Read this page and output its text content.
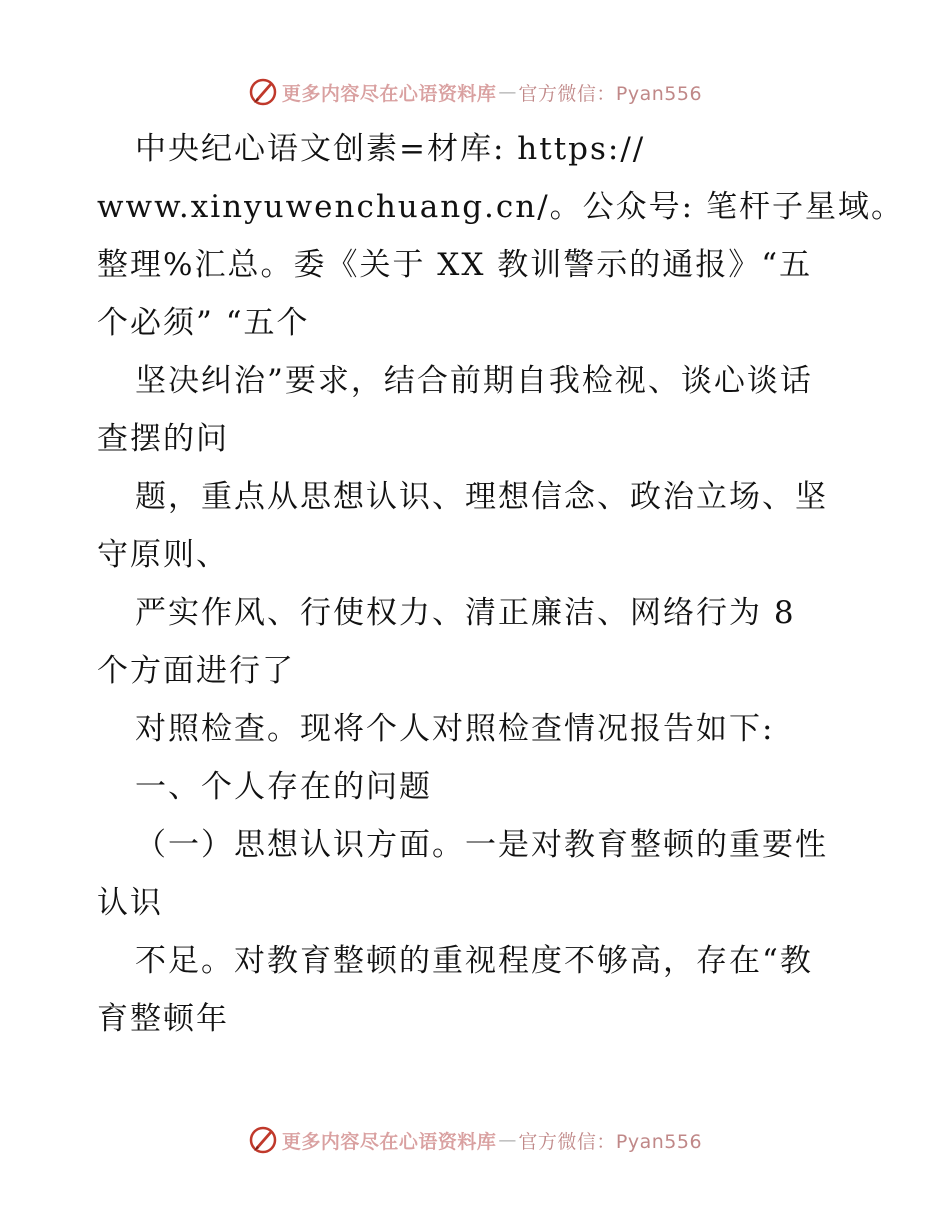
更多内容尽在心语资料库 — 官方微信：Pyan556
中央纪心语文创素=材库: https://
www.xinyuwenchuang.cn/。公众号: 笔杆子星域。
整理%汇总。委《关于 XX 教训警示的通报》“五
个必须” “五个
坚决纠治”要求，结合前期自我检视、谈心谈话
查摆的问
题，重点从思想认识、理想信念、政治立场、坚
守原则、
严实作风、行使权力、清正廉洁、网络行为 8
个方面进行了
对照检查。现将个人对照检查情况报告如下:
一、个人存在的问题
（一）思想认识方面。一是对教育整顿的重要性
认识
不足。对教育整顿的重视程度不够高，存在“教
育整顿年
更多内容尽在心语资料库 — 官方微信：Pyan556
